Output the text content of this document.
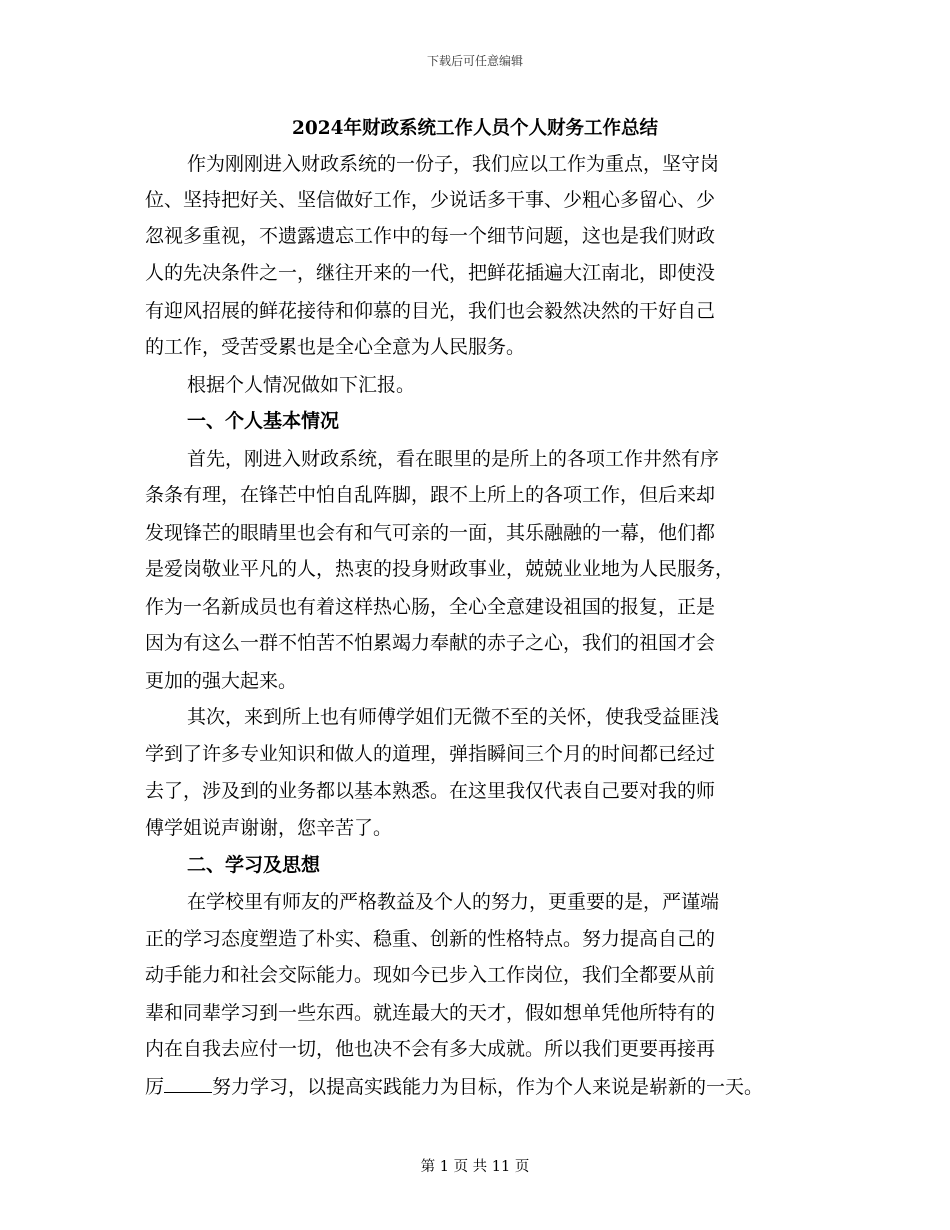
下载后可任意编辑
2024年财政系统工作人员个人财务工作总结
作为刚刚进入财政系统的一份子，我们应以工作为重点，坚守岗
位、坚持把好关、坚信做好工作，少说话多干事、少粗心多留心、少
忽视多重视，不遗露遗忘工作中的每一个细节问题，这也是我们财政
人的先决条件之一，继往开来的一代，把鲜花插遍大江南北，即使没
有迎风招展的鲜花接待和仰慕的目光，我们也会毅然决然的干好自己
的工作，受苦受累也是全心全意为人民服务。
根据个人情况做如下汇报。
一、个人基本情况
首先，刚进入财政系统，看在眼里的是所上的各项工作井然有序
条条有理，在锋芒中怕自乱阵脚，跟不上所上的各项工作，但后来却
发现锋芒的眼睛里也会有和气可亲的一面，其乐融融的一幕，他们都
是爱岗敬业平凡的人，热衷的投身财政事业，兢兢业业地为人民服务，
作为一名新成员也有着这样热心肠，全心全意建设祖国的报复，正是
因为有这么一群不怕苦不怕累竭力奉献的赤子之心，我们的祖国才会
更加的强大起来。
其次，来到所上也有师傅学姐们无微不至的关怀，使我受益匪浅
学到了许多专业知识和做人的道理，弹指瞬间三个月的时间都已经过
去了，涉及到的业务都以基本熟悉。在这里我仅代表自己要对我的师
傅学姐说声谢谢，您辛苦了。
二、学习及思想
在学校里有师友的严格教益及个人的努力，更重要的是，严谨端
正的学习态度塑造了朴实、稳重、创新的性格特点。努力提高自己的
动手能力和社会交际能力。现如今已步入工作岗位，我们全都要从前
辈和同辈学习到一些东西。就连最大的天才，假如想单凭他所特有的
内在自我去应付一切，他也决不会有多大成就。所以我们更要再接再
厉	努力学习，以提高实践能力为目标，作为个人来说是崭新的一天。
第 1 页 共 11 页
